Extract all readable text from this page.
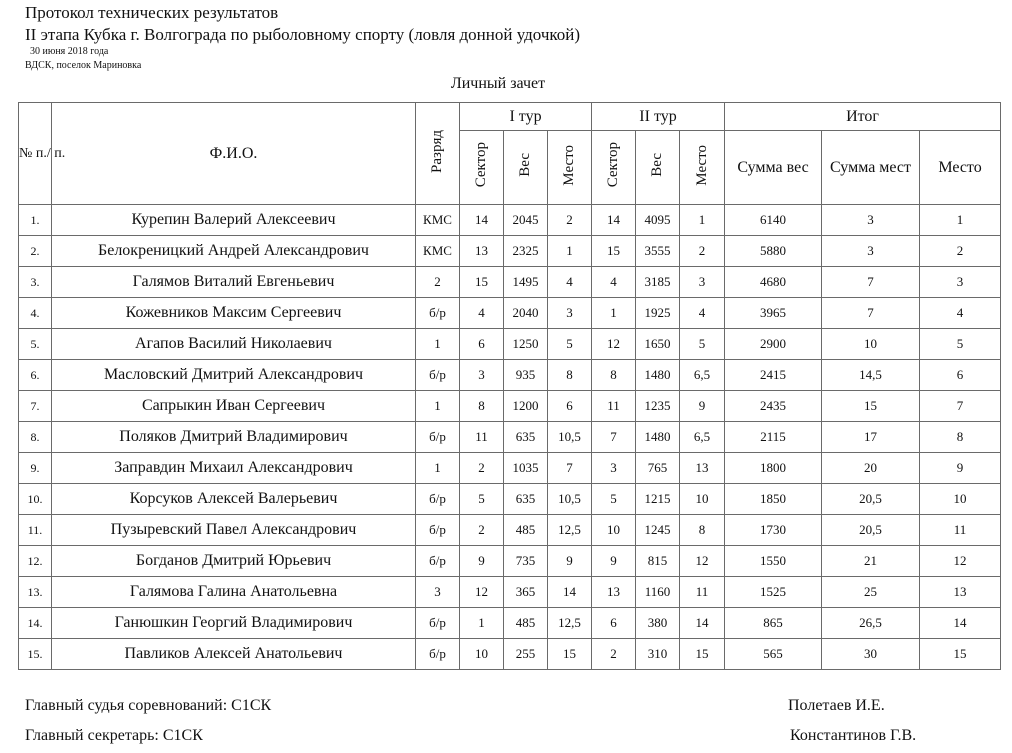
Протокол технических результатов

II этапа Кубка г. Волгограда по рыболовному спорту (ловля донной удочкой)

30 июня 2018 года

ВДСК, поселок Мариновка

Личный зачет
№ п./ п.	Ф.И.О.	Разряд	I тур			II тур			Итог		
			Сектор	Вес	Место	Сектор	Вес	Место	Сумма вес	Сумма мест	Место
1.	Курепин Валерий Алексеевич	КМС	14	2045	2	14	4095	1	6140	3	1
2.	Белокреницкий Андрей Александрович	КМС	13	2325	1	15	3555	2	5880	3	2
3.	Галямов Виталий Евгеньевич	2	15	1495	4	4	3185	3	4680	7	3
4.	Кожевников Максим Сергеевич	б/р	4	2040	3	1	1925	4	3965	7	4
5.	Агапов Василий Николаевич	1	6	1250	5	12	1650	5	2900	10	5
6.	Масловский Дмитрий Александрович	б/р	3	935	8	8	1480	6,5	2415	14,5	6
7.	Сапрыкин Иван Сергеевич	1	8	1200	6	11	1235	9	2435	15	7
8.	Поляков Дмитрий Владимирович	б/р	11	635	10,5	7	1480	6,5	2115	17	8
9.	Заправдин Михаил Александрович	1	2	1035	7	3	765	13	1800	20	9
10.	Корсуков Алексей Валерьевич	б/р	5	635	10,5	5	1215	10	1850	20,5	10
11.	Пузыревский Павел Александрович	б/р	2	485	12,5	10	1245	8	1730	20,5	11
12.	Богданов Дмитрий Юрьевич	б/р	9	735	9	9	815	12	1550	21	12
13.	Галямова Галина Анатольевна	3	12	365	14	13	1160	11	1525	25	13
14.	Ганюшкин Георгий Владимирович	б/р	1	485	12,5	6	380	14	865	26,5	14
15.	Павликов Алексей Анатольевич	б/р	10	255	15	2	310	15	565	30	15

Главный судья соревнований: С1СК	Полетаев И.Е.

Главный секретарь: С1СК	Константинов Г.В.
